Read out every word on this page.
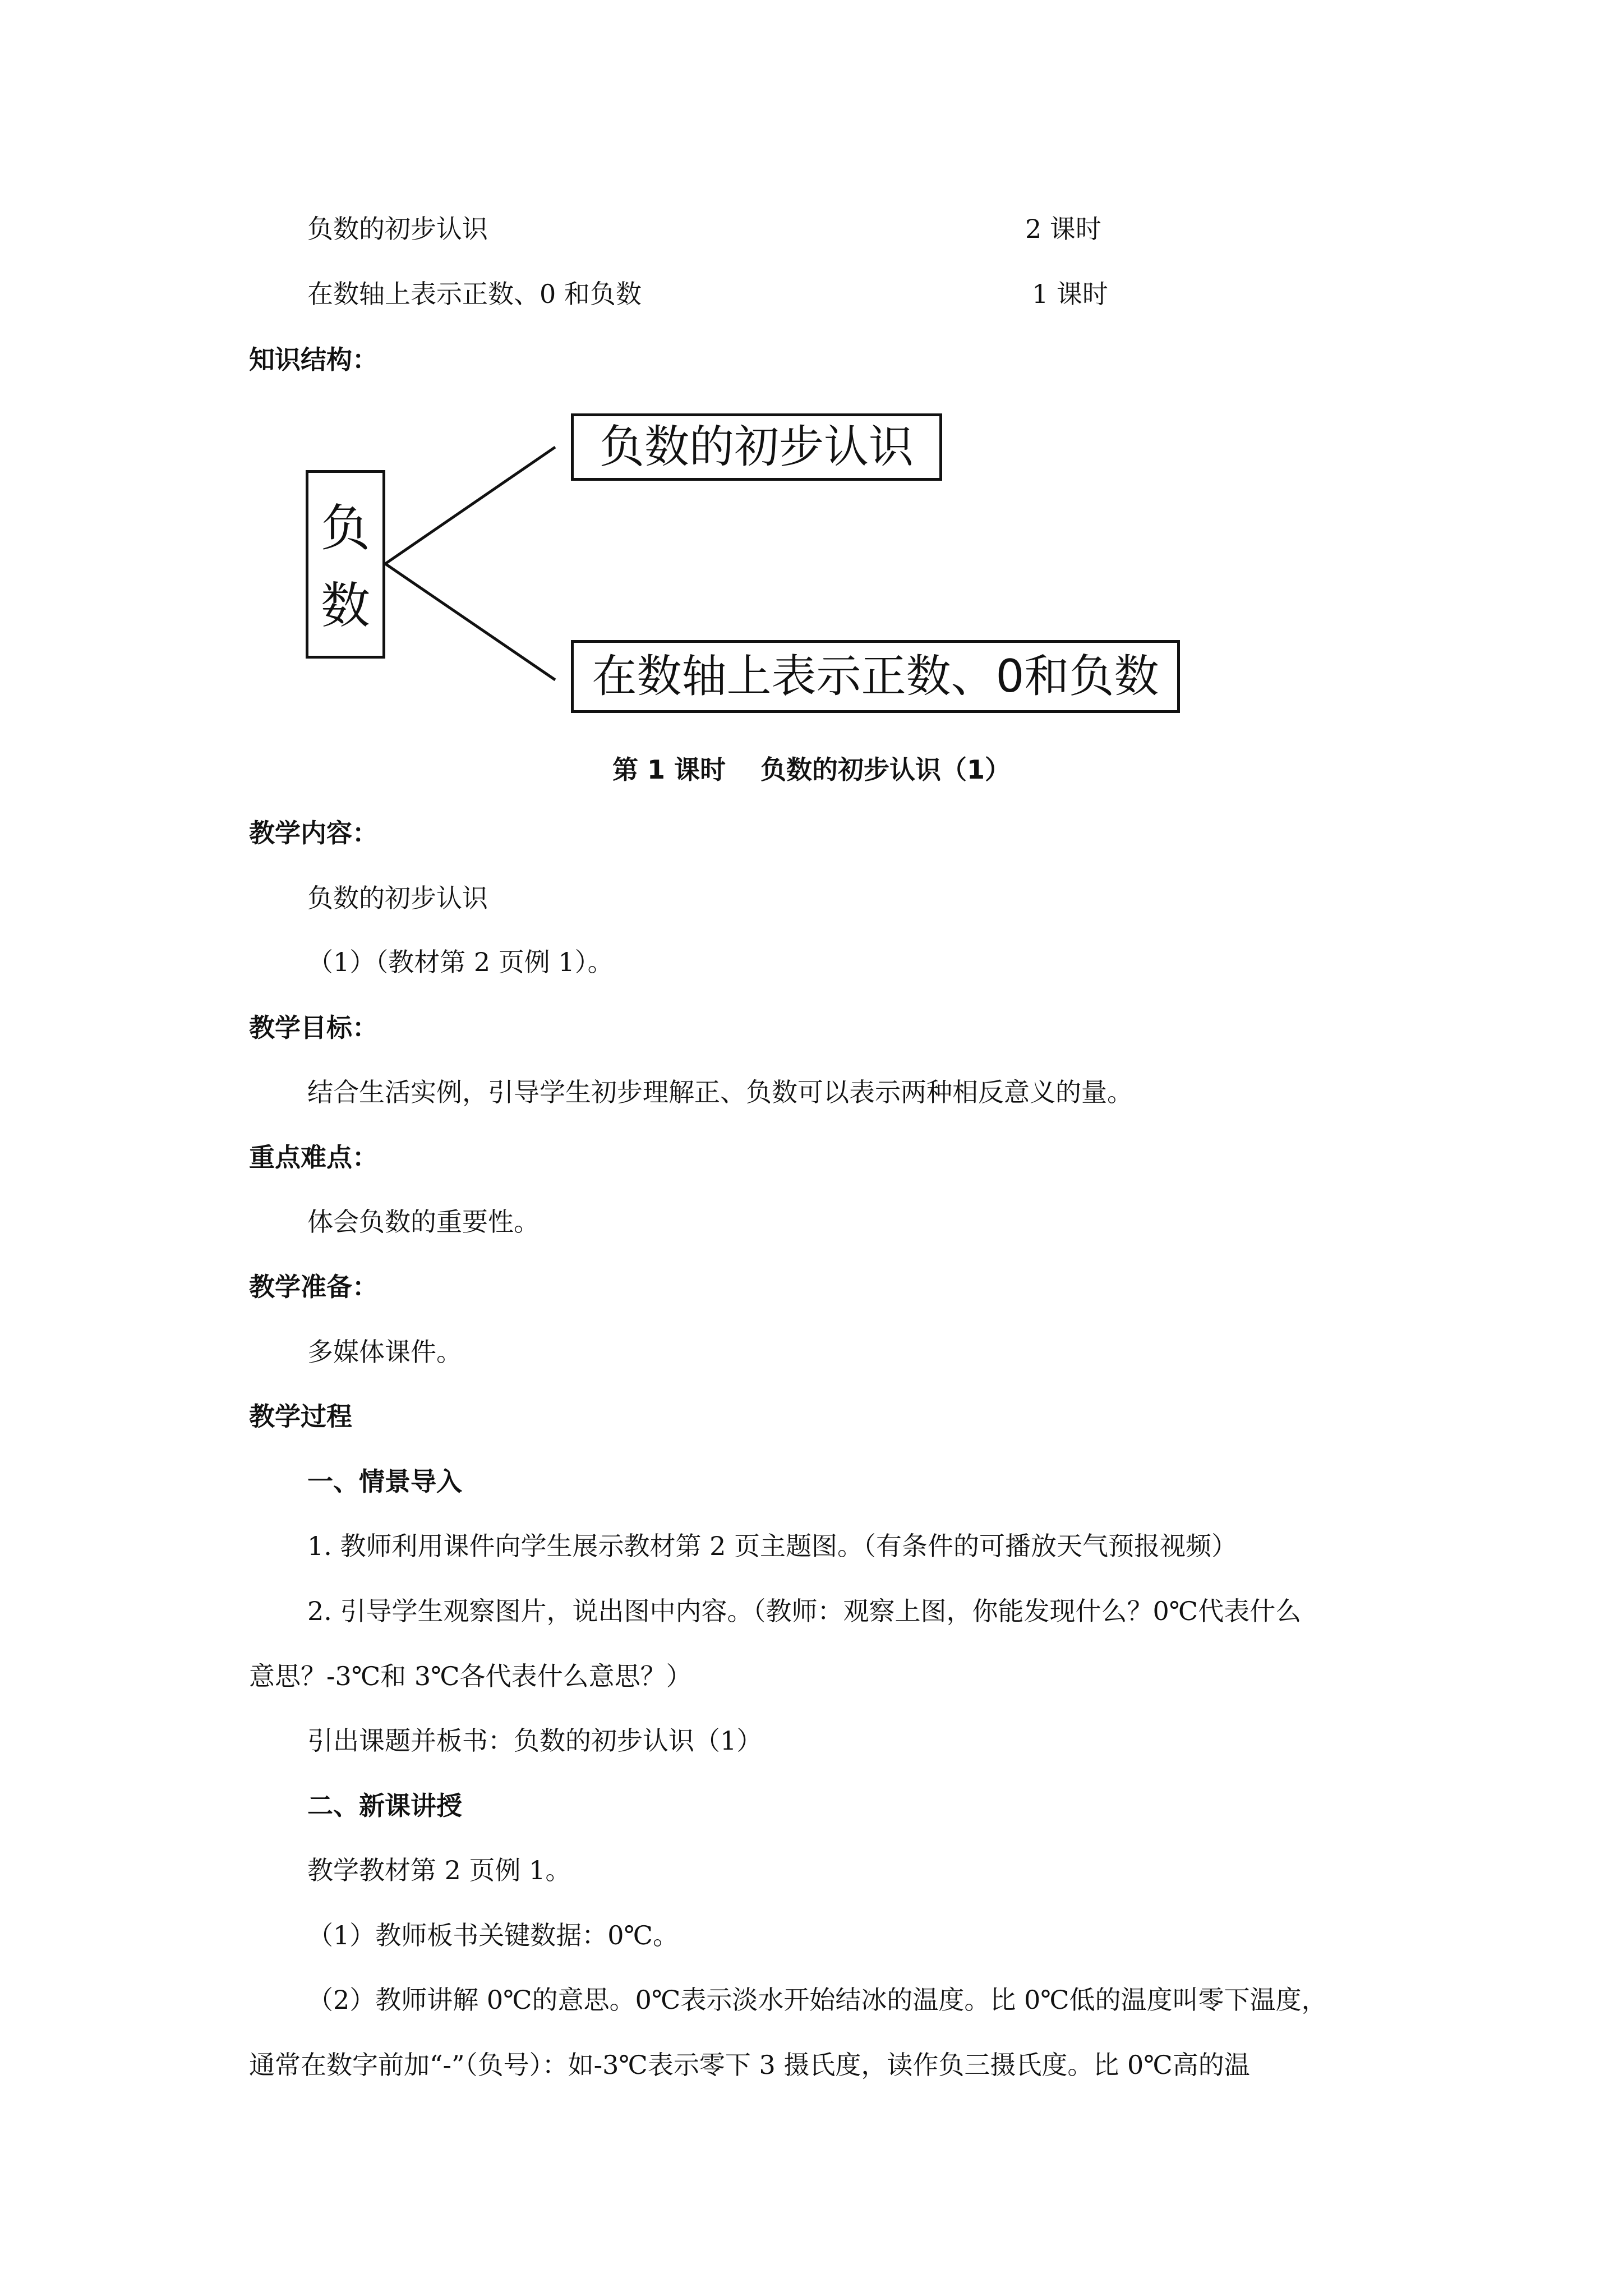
负数的初步认识	2 课时
在数轴上表示正数、0 和负数	1 课时
知识结构：
负
数
负数的初步认识
在数轴上表示正数、0和负数
第 1 课时　 负数的初步认识（1）
教学内容：
负数的初步认识
（1）（教材第 2 页例 1）。
教学目标：
结合生活实例，引导学生初步理解正、负数可以表示两种相反意义的量。
重点难点：
体会负数的重要性。
教学准备：
多媒体课件。
教学过程
一、情景导入
1. 教师利用课件向学生展示教材第 2 页主题图。（有条件的可播放天气预报视频）
2. 引导学生观察图片，说出图中内容。（教师：观察上图，你能发现什么？0℃代表什么
意思？-3℃和 3℃各代表什么意思？）
引出课题并板书：负数的初步认识（1）
二、新课讲授
教学教材第 2 页例 1。
（1）教师板书关键数据：0℃。
（2）教师讲解 0℃的意思。0℃表示淡水开始结冰的温度。比 0℃低的温度叫零下温度，
通常在数字前加“-”（负号）：如-3℃表示零下 3 摄氏度，读作负三摄氏度。比 0℃高的温
